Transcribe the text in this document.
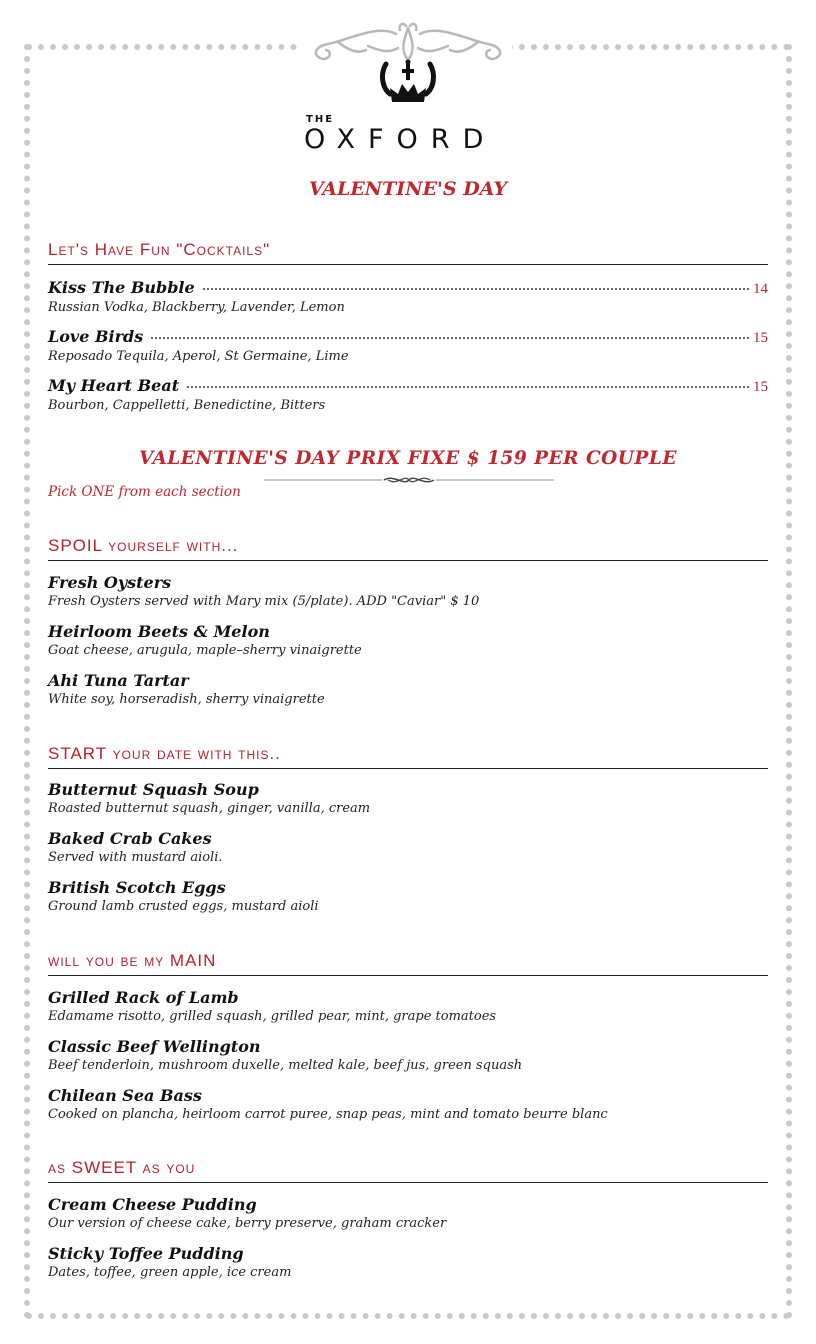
THE
OXFORD
VALENTINE'S DAY
Let's Have Fun "Cocktails"
Kiss The Bubble	14
Russian Vodka, Blackberry, Lavender, Lemon
Love Birds	15
Reposado Tequila, Aperol, St Germaine, Lime
My Heart Beat	15
Bourbon, Cappelletti, Benedictine, Bitters
SPOIL yourself with...
Fresh Oysters
Fresh Oysters served with Mary mix (5/plate). ADD "Caviar" $ 10
Heirloom Beets & Melon
Goat cheese, arugula, maple–sherry vinaigrette
Ahi Tuna Tartar
White soy, horseradish, sherry vinaigrette
START your date with this..
Butternut Squash Soup
Roasted butternut squash, ginger, vanilla, cream
Baked Crab Cakes
Served with mustard aioli.
British Scotch Eggs
Ground lamb crusted eggs, mustard aioli
will you be my MAIN
Grilled Rack of Lamb
Edamame risotto, grilled squash, grilled pear, mint, grape tomatoes
Classic Beef Wellington
Beef tenderloin, mushroom duxelle, melted kale, beef jus, green squash
Chilean Sea Bass
Cooked on plancha, heirloom carrot puree, snap peas, mint and tomato beurre blanc
as SWEET as you
Cream Cheese Pudding
Our version of cheese cake, berry preserve, graham cracker
Sticky Toffee Pudding
Dates, toffee, green apple, ice cream
VALENTINE'S DAY PRIX FIXE $ 159 PER COUPLE
Pick ONE from each section
